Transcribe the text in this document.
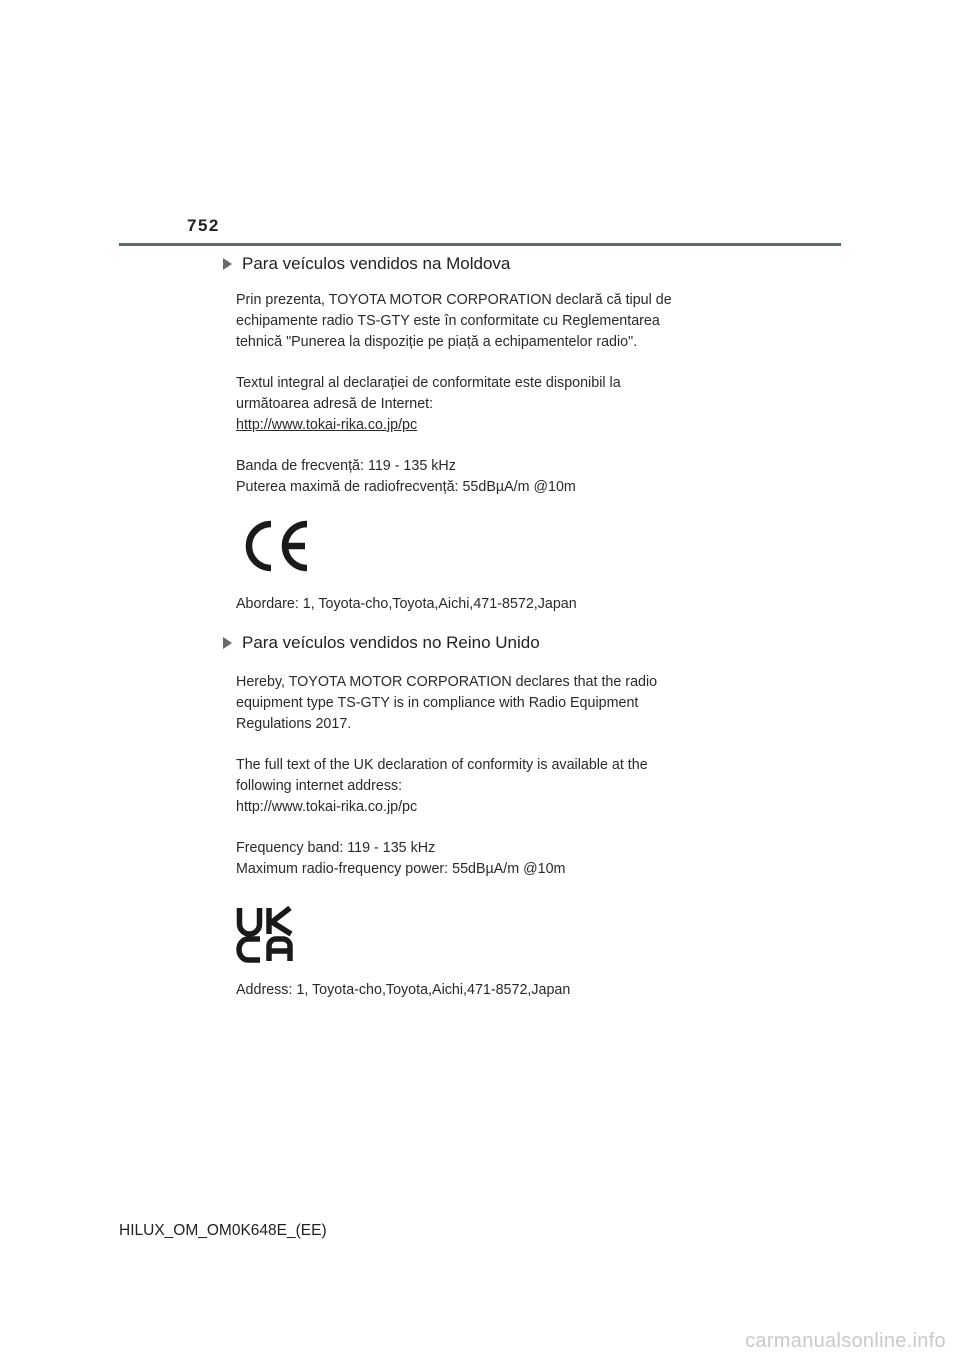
752
Para veículos vendidos na Moldova

Prin prezenta, TOYOTA MOTOR CORPORATION declară că tipul de

echipamente radio TS-GTY este în conformitate cu Reglementarea

tehnică "Punerea la dispoziție pe piață a echipamentelor radio".

Textul integral al declarației de conformitate este disponibil la

următoarea adresă de Internet:

http://www.tokai-rika.co.jp/pc

Banda de frecvență: 119 - 135 kHz

Puterea maximă de radiofrecvență: 55dBµA/m @10m

Abordare: 1, Toyota-cho,Toyota,Aichi,471-8572,Japan
Para veículos vendidos no Reino Unido

Hereby, TOYOTA MOTOR CORPORATION declares that the radio

equipment type TS-GTY is in compliance with Radio Equipment

Regulations 2017.

The full text of the UK declaration of conformity is available at the

following internet address:

http://www.tokai-rika.co.jp/pc

Frequency band: 119 - 135 kHz

Maximum radio-frequency power: 55dBµA/m @10m

Address: 1, Toyota-cho,Toyota,Aichi,471-8572,Japan
HILUX_OM_OM0K648E_(EE)
carmanualsonline.info
